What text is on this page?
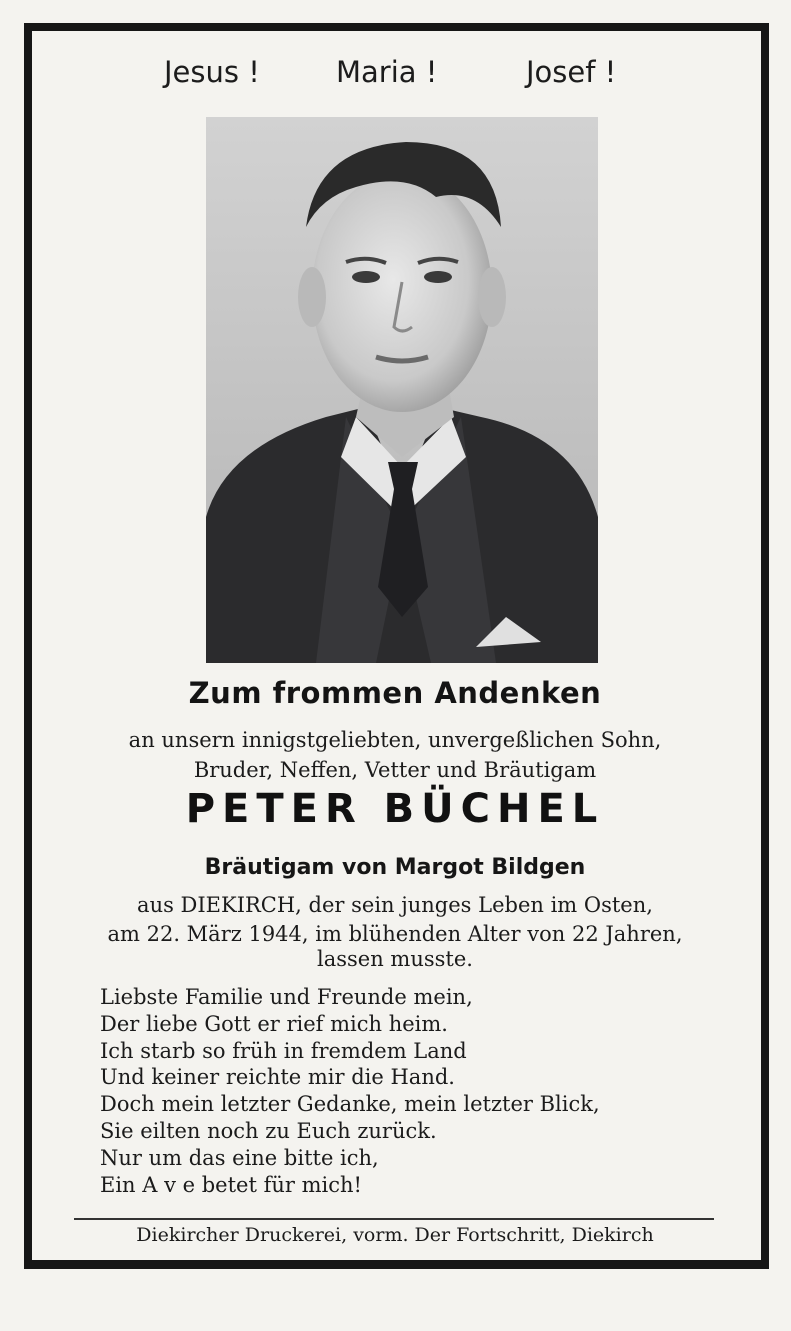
Jesus !	Maria !	Josef !
Zum frommen Andenken
an unsern innigstgeliebten, unvergeßlichen Sohn,
Bruder, Neffen, Vetter und Bräutigam
PETER BÜCHEL
Bräutigam von Margot Bildgen
aus DIEKIRCH, der sein junges Leben im Osten,
am 22. März 1944, im blühenden Alter von 22 Jahren,
lassen musste.
Liebste Familie und Freunde mein,
Der liebe Gott er rief mich heim.
Ich starb so früh in fremdem Land
Und keiner reichte mir die Hand.
Doch mein letzter Gedanke, mein letzter Blick,
Sie eilten noch zu Euch zurück.
Nur um das eine bitte ich,
Ein A v e betet für mich!
Diekircher Druckerei, vorm. Der Fortschritt, Diekirch
